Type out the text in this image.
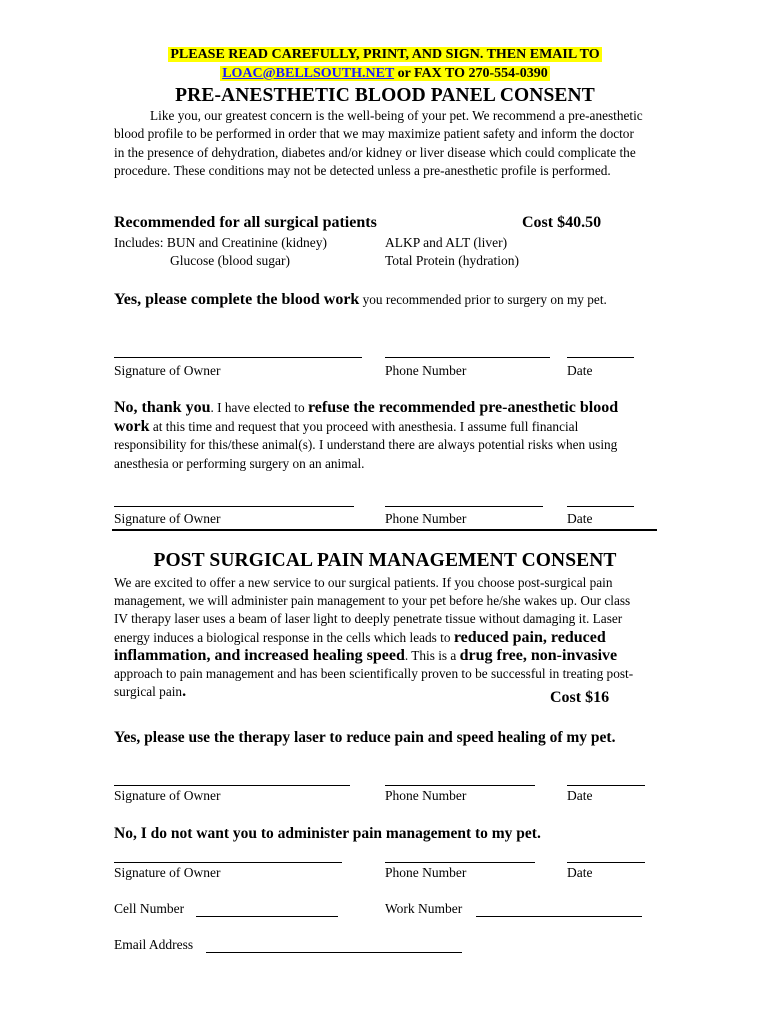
PLEASE READ CAREFULLY, PRINT, AND SIGN. THEN EMAIL TO
LOAC@BELLSOUTH.NET or FAX TO 270-554-0390
PRE-ANESTHETIC BLOOD PANEL CONSENT
Like you, our greatest concern is the well-being of your pet. We recommend a pre-anesthetic blood profile to be performed in order that we may maximize patient safety and inform the doctor in the presence of dehydration, diabetes and/or kidney or liver disease which could complicate the procedure. These conditions may not be detected unless a pre-anesthetic profile is performed.
Recommended for all surgical patients	Cost $40.50
Includes: BUN and Creatinine (kidney)	ALKP and ALT (liver)
Glucose (blood sugar)	Total Protein (hydration)
Yes, please complete the blood work you recommended prior to surgery on my pet.
Signature of Owner	Phone Number	Date
No, thank you. I have elected to refuse the recommended pre-anesthetic blood work at this time and request that you proceed with anesthesia. I assume full financial responsibility for this/these animal(s). I understand there are always potential risks when using anesthesia or performing surgery on an animal.
Signature of Owner	Phone Number	Date
POST SURGICAL PAIN MANAGEMENT CONSENT
We are excited to offer a new service to our surgical patients. If you choose post-surgical pain management, we will administer pain management to your pet before he/she wakes up. Our class IV therapy laser uses a beam of laser light to deeply penetrate tissue without damaging it. Laser energy induces a biological response in the cells which leads to reduced pain, reduced inflammation, and increased healing speed. This is a drug free, non-invasive approach to pain management and has been scientifically proven to be successful in treating post-surgical pain.	Cost $16
Yes, please use the therapy laser to reduce pain and speed healing of my pet.
Signature of Owner	Phone Number	Date
No, I do not want you to administer pain management to my pet.
Signature of Owner	Phone Number	Date
Cell Number	Work Number
Email Address
